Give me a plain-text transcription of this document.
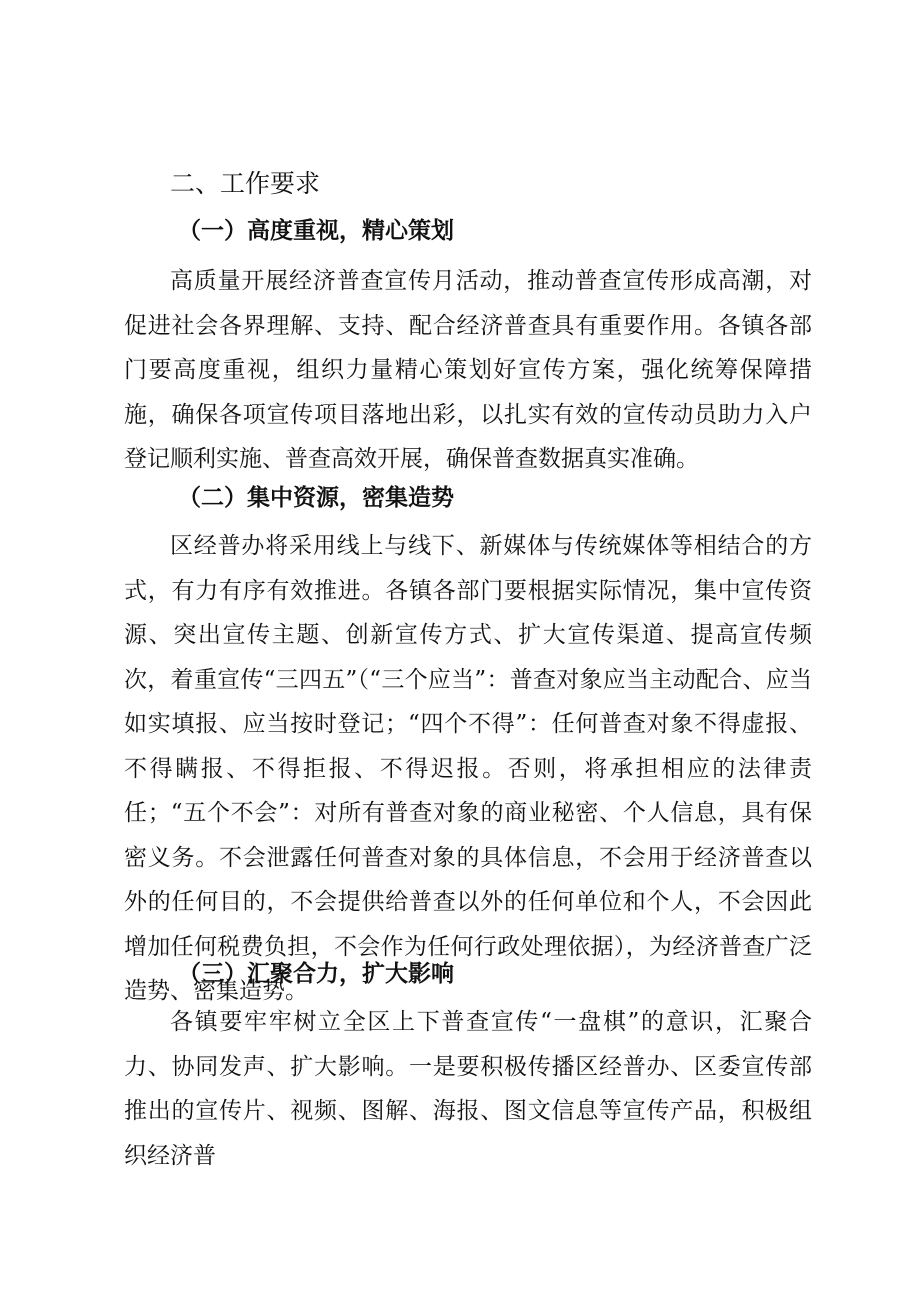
二、工作要求
（一）高度重视，精心策划

高质量开展经济普查宣传月活动，推动普查宣传形成高潮，对促进社会各界理解、支持、配合经济普查具有重要作用。各镇各部门要高度重视，组织力量精心策划好宣传方案，强化统筹保障措施，确保各项宣传项目落地出彩，以扎实有效的宣传动员助力入户登记顺利实施、普查高效开展，确保普查数据真实准确。

（二）集中资源，密集造势

区经普办将采用线上与线下、新媒体与传统媒体等相结合的方式，有力有序有效推进。各镇各部门要根据实际情况，集中宣传资源、突出宣传主题、创新宣传方式、扩大宣传渠道、提高宣传频次，着重宣传“三四五”（“三个应当”：普查对象应当主动配合、应当如实填报、应当按时登记；“四个不得”：任何普查对象不得虚报、不得瞒报、不得拒报、不得迟报。否则，将承担相应的法律责任；“五个不会”：对所有普查对象的商业秘密、个人信息，具有保密义务。不会泄露任何普查对象的具体信息，不会用于经济普查以外的任何目的，不会提供给普查以外的任何单位和个人，不会因此增加任何税费负担，不会作为任何行政处理依据），为经济普查广泛造势、密集造势。

（三）汇聚合力，扩大影响

各镇要牢牢树立全区上下普查宣传“一盘棋”的意识，汇聚合力、协同发声、扩大影响。一是要积极传播区经普办、区委宣传部推出的宣传片、视频、图解、海报、图文信息等宣传产品，积极组织经济普
